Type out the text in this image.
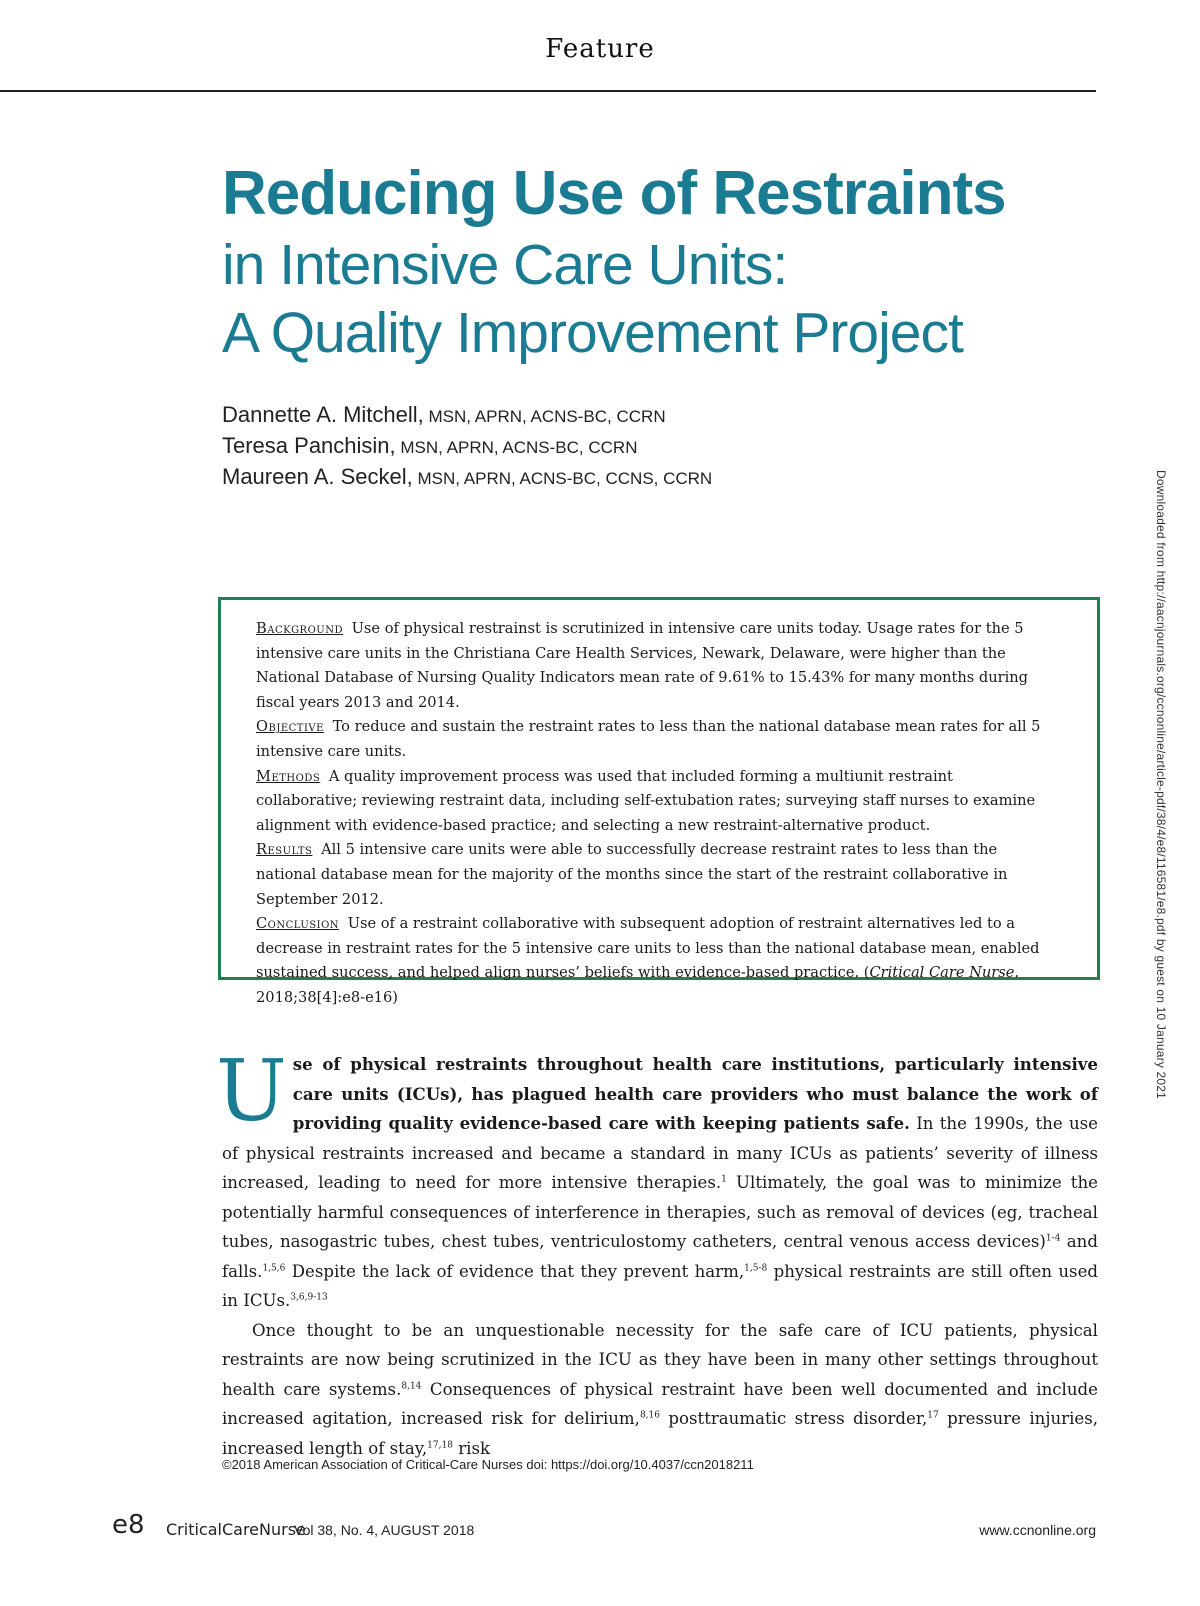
Feature
Reducing Use of Restraints
in Intensive Care Units:
A Quality Improvement Project
Dannette A. Mitchell, MSN, APRN, ACNS-BC, CCRN
Teresa Panchisin, MSN, APRN, ACNS-BC, CCRN
Maureen A. Seckel, MSN, APRN, ACNS-BC, CCNS, CCRN	Downloaded from http://aacnjournals.org/ccnonline/article-pdf/38/4/e8/116581/e8.pdf by guest on 10 January 2021

Background Use of physical restrainst is scrutinized in intensive care units today. Usage rates for the 5 intensive care units in the Christiana Care Health Services, Newark, Delaware, were higher than the National Database of Nursing Quality Indicators mean rate of 9.61% to 15.43% for many months during fiscal years 2013 and 2014.

Objective To reduce and sustain the restraint rates to less than the national database mean rates for all 5 intensive care units.

Methods A quality improvement process was used that included forming a multiunit restraint collaborative; reviewing restraint data, including self-extubation rates; surveying staff nurses to examine alignment with evidence-based practice; and selecting a new restraint-alternative product.

Results All 5 intensive care units were able to successfully decrease restraint rates to less than the national database mean for the majority of the months since the start of the restraint collaborative in September 2012.

Conclusion Use of a restraint collaborative with subsequent adoption of restraint alternatives led to a decrease in restraint rates for the 5 intensive care units to less than the national database mean, enabled sustained success, and helped align nurses’ beliefs with evidence-based practice. (Critical Care Nurse. 2018;38[4]:e8-e16)

Use of physical restraints throughout health care institutions, particularly intensive care units (ICUs), has plagued health care providers who must balance the work of providing quality evidence-based care with keeping patients safe. In the 1990s, the use of physical restraints increased and became a standard in many ICUs as patients’ severity of illness increased, leading to need for more intensive therapies.$^1$ Ultimately, the goal was to minimize the potentially harmful consequences of interference in therapies, such as removal of devices (eg, tracheal tubes, nasogastric tubes, chest tubes, ventriculostomy catheters, central venous access devices)$^{1-4}$ and falls.$^{1,5,6}$ Despite the lack of evidence that they prevent harm,$^{1,5-8}$ physical restraints are still often used in ICUs.$^{3,6,9-13}$

Once thought to be an unquestionable necessity for the safe care of ICU patients, physical restraints are now being scrutinized in the ICU as they have been in many other settings throughout health care systems.$^{8,14}$ Consequences of physical restraint have been well documented and include increased agitation, increased risk for delirium,$^{8,16}$ posttraumatic stress disorder,$^{17}$ pressure injuries, increased length of stay,$^{17,18}$ risk

©2018 American Association of Critical-Care Nurses doi: https://doi.org/10.4037/ccn2018211
e8 CriticalCareNurse
Vol 38, No. 4, AUGUST 2018	www.ccnonline.org
